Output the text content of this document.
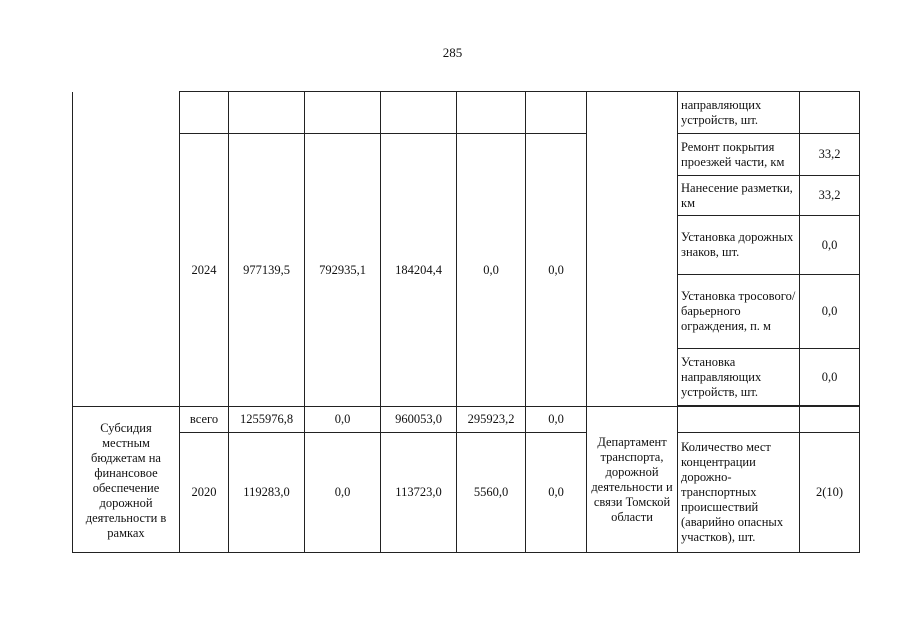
285
								направляющих устройств, шт.	
	2024	977139,5	792935,1	184204,4	0,0	0,0		Ремонт покрытия проезжей части, км	33,2
								Нанесение разметки, км	33,2
								Установка дорожных знаков, шт.	0,0
								Установка тросового/ барьерного ограждения, п. м	0,0
								Установка направляющих устройств, шт.	0,0

Субсидия местным бюджетам на финансовое обеспечение дорожной деятельности в рамках	всего	1255976,8	0,0	960053,0	295923,2	0,0	Департамент транспорта, дорожной деятельности и связи Томской области		
	2020	119283,0	0,0	113723,0	5560,0	0,0		Количество мест концентрации дорожно-транспортных происшествий (аварийно опасных участков), шт.	2(10)
